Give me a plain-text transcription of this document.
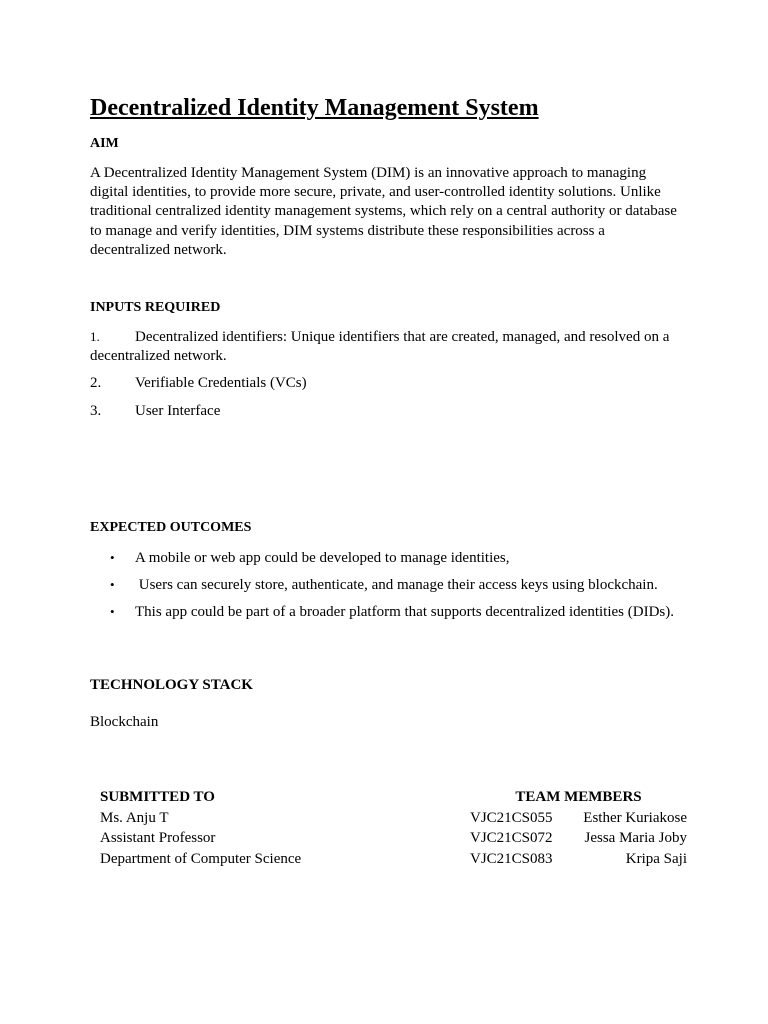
Decentralized Identity Management System
AIM
A Decentralized Identity Management System (DIM) is an innovative approach to managing digital identities, to provide more secure, private, and user-controlled identity solutions. Unlike traditional centralized identity management systems, which rely on a central authority or database to manage and verify identities, DIM systems distribute these responsibilities across a decentralized network.
INPUTS REQUIRED
1. Decentralized identifiers: Unique identifiers that are created, managed, and resolved on a decentralized network.
2. Verifiable Credentials (VCs)
3. User Interface
EXPECTED OUTCOMES
• A mobile or web app could be developed to manage identities,
• Users can securely store, authenticate, and manage their access keys using blockchain.
• This app could be part of a broader platform that supports decentralized identities (DIDs).
TECHNOLOGY STACK
Blockchain
SUBMITTED TO
Ms. Anju T
Assistant Professor
Department of Computer Science
TEAM MEMBERS
VJC21CS055 Esther Kuriakose
VJC21CS072 Jessa Maria Joby
VJC21CS083	Kripa Saji
